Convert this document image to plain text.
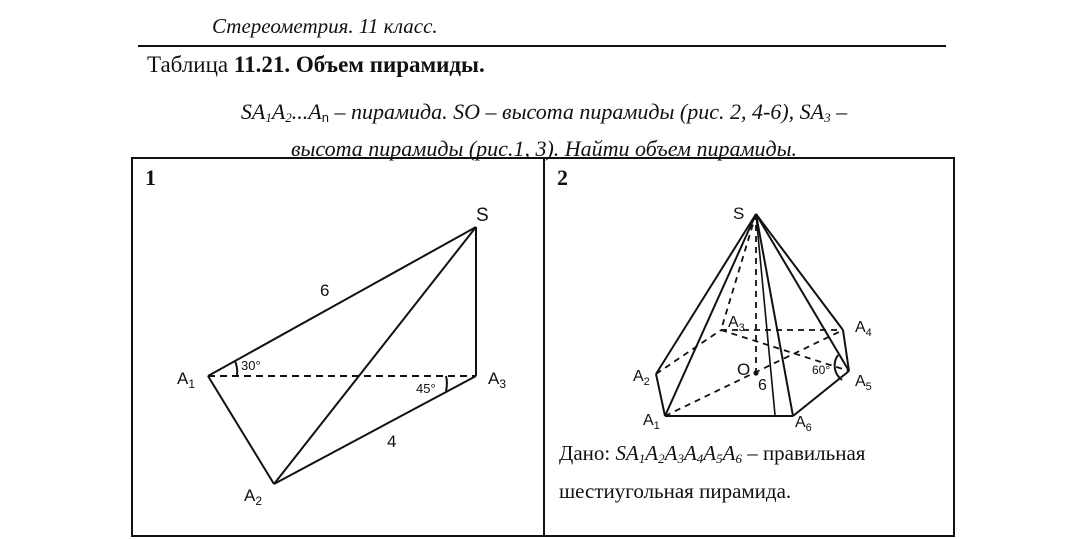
Стереометрия. 11 класс.
Таблица 11.21. Объем пирамиды.
$SA_1A_2...An$ – пирамида. SO – высота пирамиды (рис. 2, 4-6), $SA_3$ –
высота пирамиды (рис.1, 3). Найти объем пирамиды.
1
S
$A_1$	$A_3$
$A_2$
6
4
30°
45°
2
S
O
$A_3$	$A_4$
$A_2$	$A_5$
$A_1$	$A_6$
6
60°
Дано: $SA_1A_2A_3A_4A_5A_6$ – правильная
шестиугольная пирамида.
